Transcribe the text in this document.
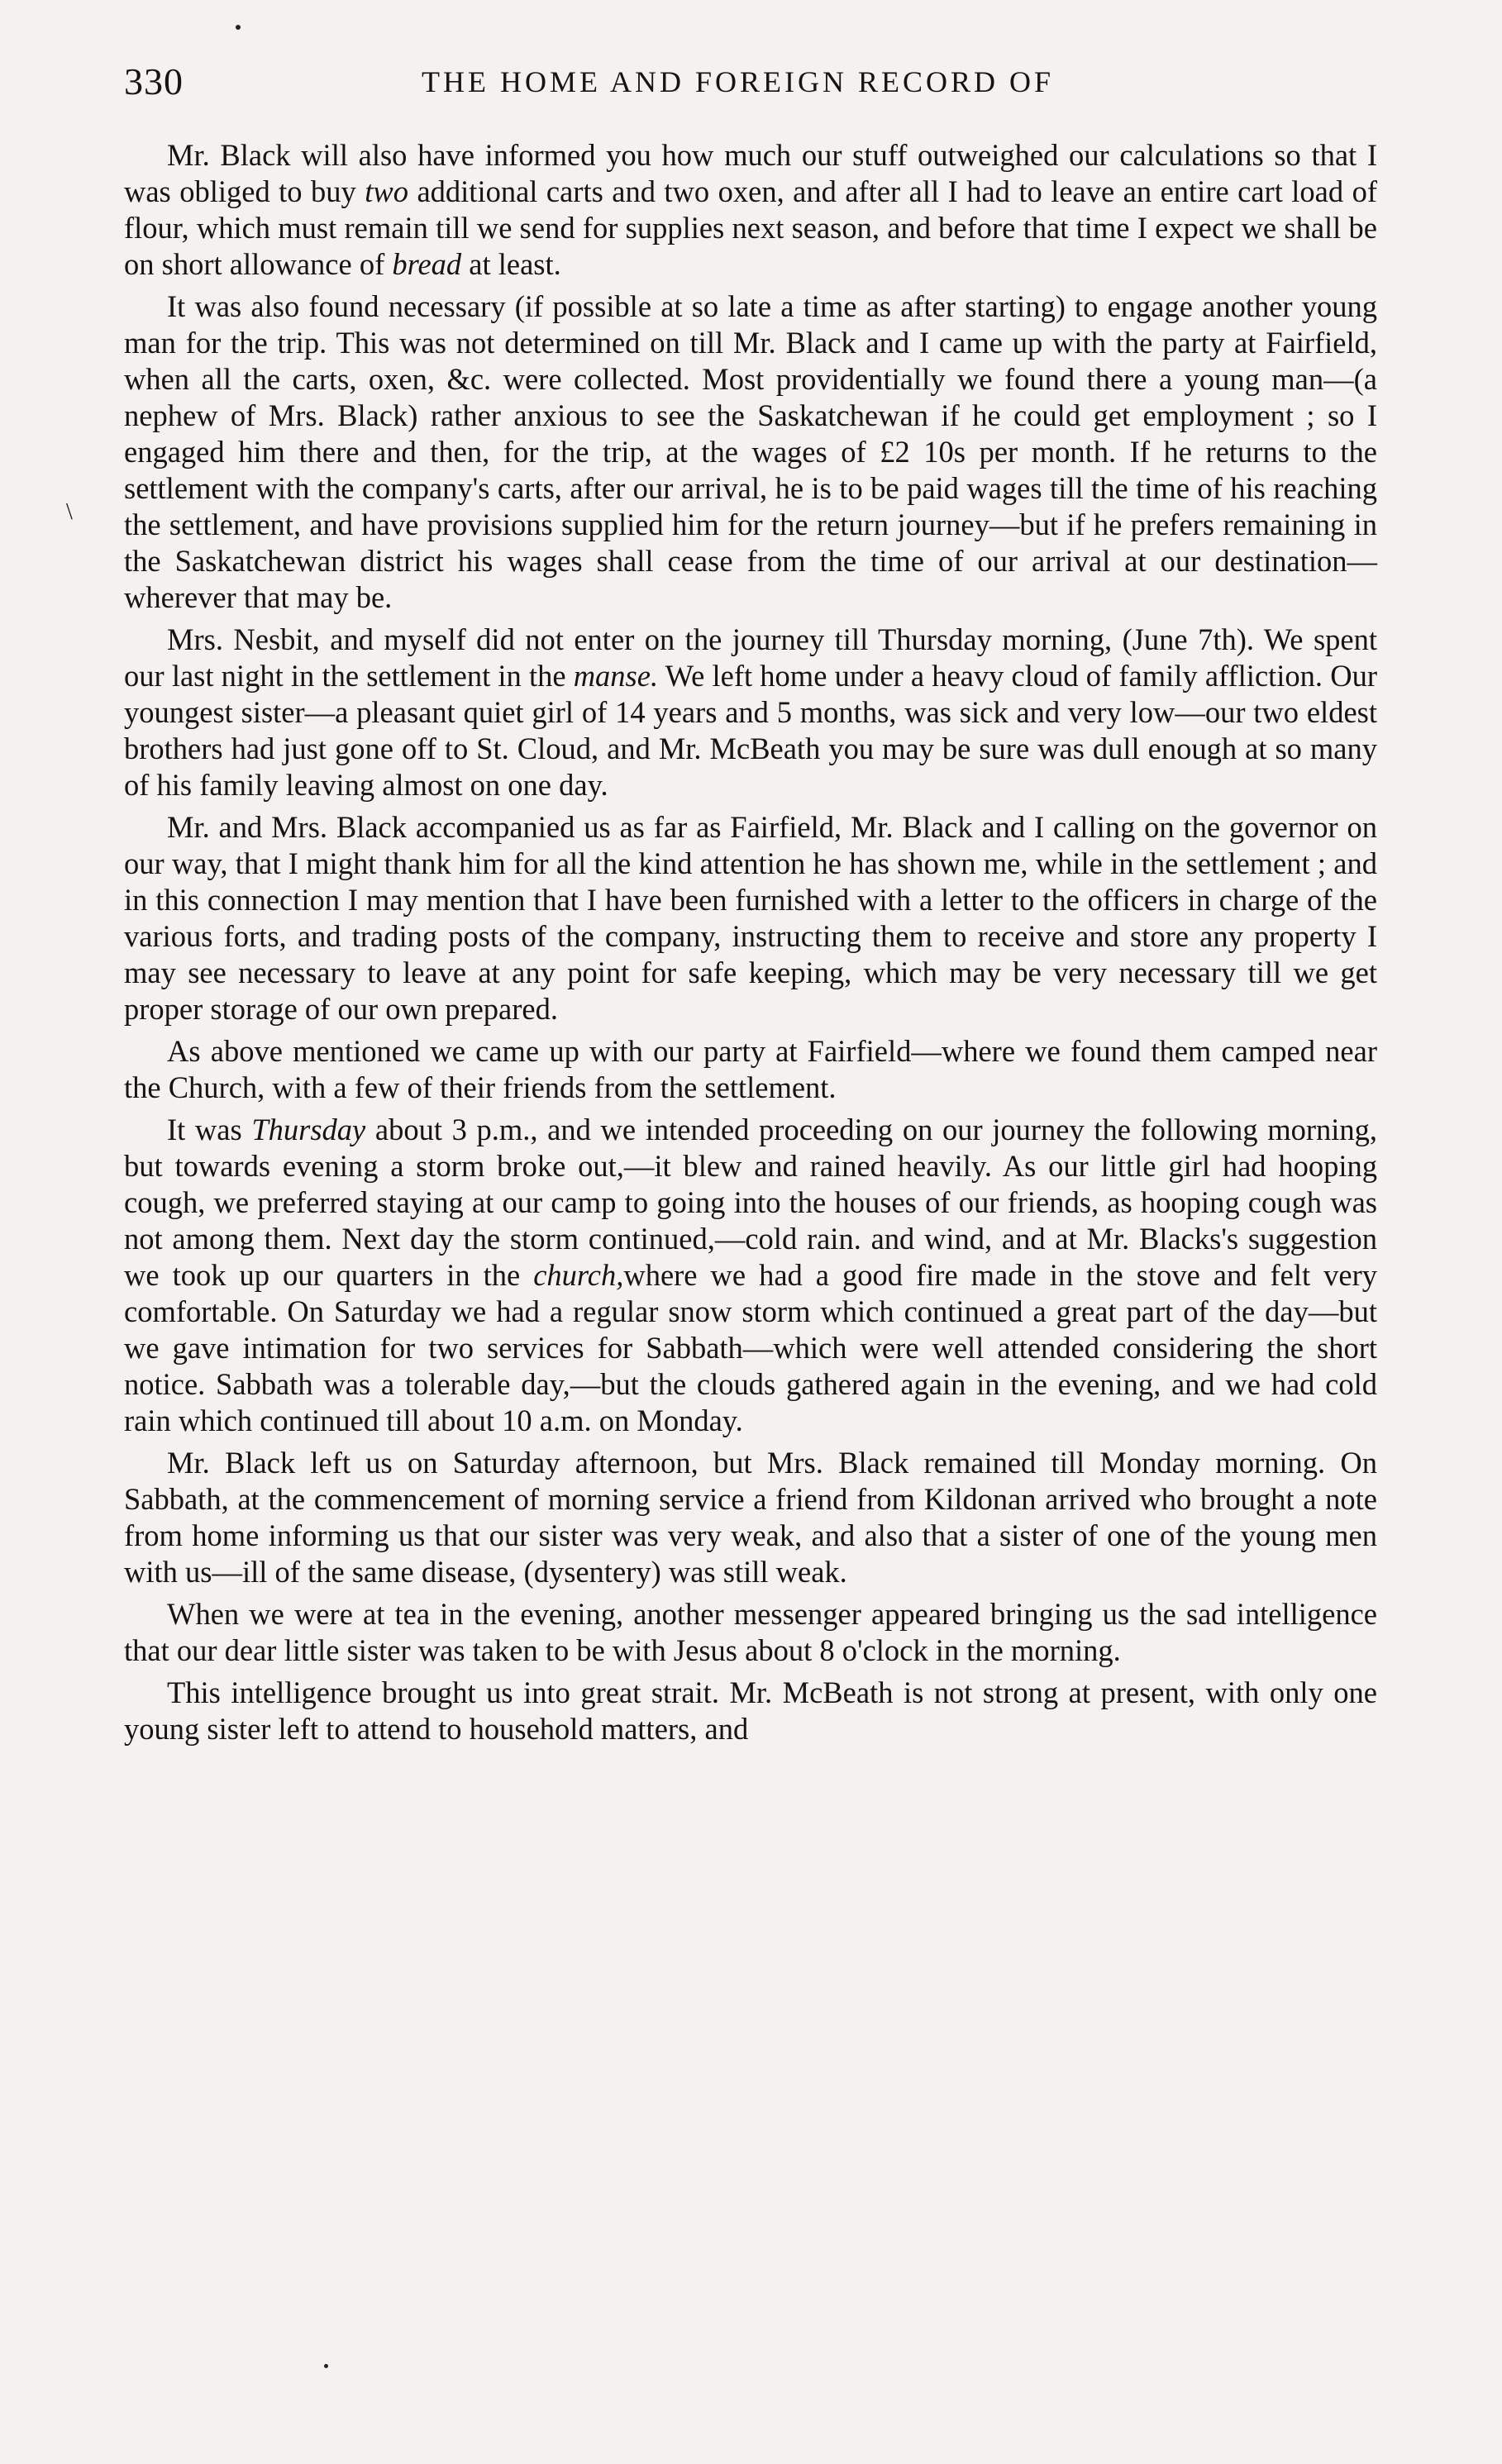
330	THE HOME AND FOREIGN RECORD OF
\

Mr. Black will also have informed you how much our stuff outweighed our calculations so that I was obliged to buy two additional carts and two oxen, and after all I had to leave an entire cart load of flour, which must remain till we send for supplies next season, and before that time I expect we shall be on short allowance of bread at least.

It was also found necessary (if possible at so late a time as after starting) to engage another young man for the trip. This was not determined on till Mr. Black and I came up with the party at Fairfield, when all the carts, oxen, &c. were collected. Most providentially we found there a young man—(a nephew of Mrs. Black) rather anxious to see the Saskatchewan if he could get employment ; so I engaged him there and then, for the trip, at the wages of £2 10s per month. If he returns to the settlement with the company's carts, after our arrival, he is to be paid wages till the time of his reaching the settlement, and have provisions supplied him for the return journey—but if he prefers remaining in the Saskatchewan district his wages shall cease from the time of our arrival at our destination—wherever that may be.

Mrs. Nesbit, and myself did not enter on the journey till Thursday morning, (June 7th). We spent our last night in the settlement in the manse. We left home under a heavy cloud of family affliction. Our youngest sister—a pleasant quiet girl of 14 years and 5 months, was sick and very low—our two eldest brothers had just gone off to St. Cloud, and Mr. McBeath you may be sure was dull enough at so many of his family leaving almost on one day.

Mr. and Mrs. Black accompanied us as far as Fairfield, Mr. Black and I calling on the governor on our way, that I might thank him for all the kind attention he has shown me, while in the settlement ; and in this connection I may mention that I have been furnished with a letter to the officers in charge of the various forts, and trading posts of the company, instructing them to receive and store any property I may see necessary to leave at any point for safe keeping, which may be very necessary till we get proper storage of our own prepared.

As above mentioned we came up with our party at Fairfield—where we found them camped near the Church, with a few of their friends from the settlement.

It was Thursday about 3 p.m., and we intended proceeding on our journey the following morning, but towards evening a storm broke out,—it blew and rained heavily. As our little girl had hooping cough, we preferred staying at our camp to going into the houses of our friends, as hooping cough was not among them. Next day the storm continued,—cold rain. and wind, and at Mr. Blacks's suggestion we took up our quarters in the church,where we had a good fire made in the stove and felt very comfortable. On Saturday we had a regular snow storm which continued a great part of the day—but we gave intimation for two services for Sabbath—which were well attended considering the short notice. Sabbath was a tolerable day,—but the clouds gathered again in the evening, and we had cold rain which continued till about 10 a.m. on Monday.

Mr. Black left us on Saturday afternoon, but Mrs. Black remained till Monday morning. On Sabbath, at the commencement of morning service a friend from Kildonan arrived who brought a note from home informing us that our sister was very weak, and also that a sister of one of the young men with us—ill of the same disease, (dysentery) was still weak.

When we were at tea in the evening, another messenger appeared bringing us the sad intelligence that our dear little sister was taken to be with Jesus about 8 o'clock in the morning.

This intelligence brought us into great strait. Mr. McBeath is not strong at present, with only one young sister left to attend to household matters, and
